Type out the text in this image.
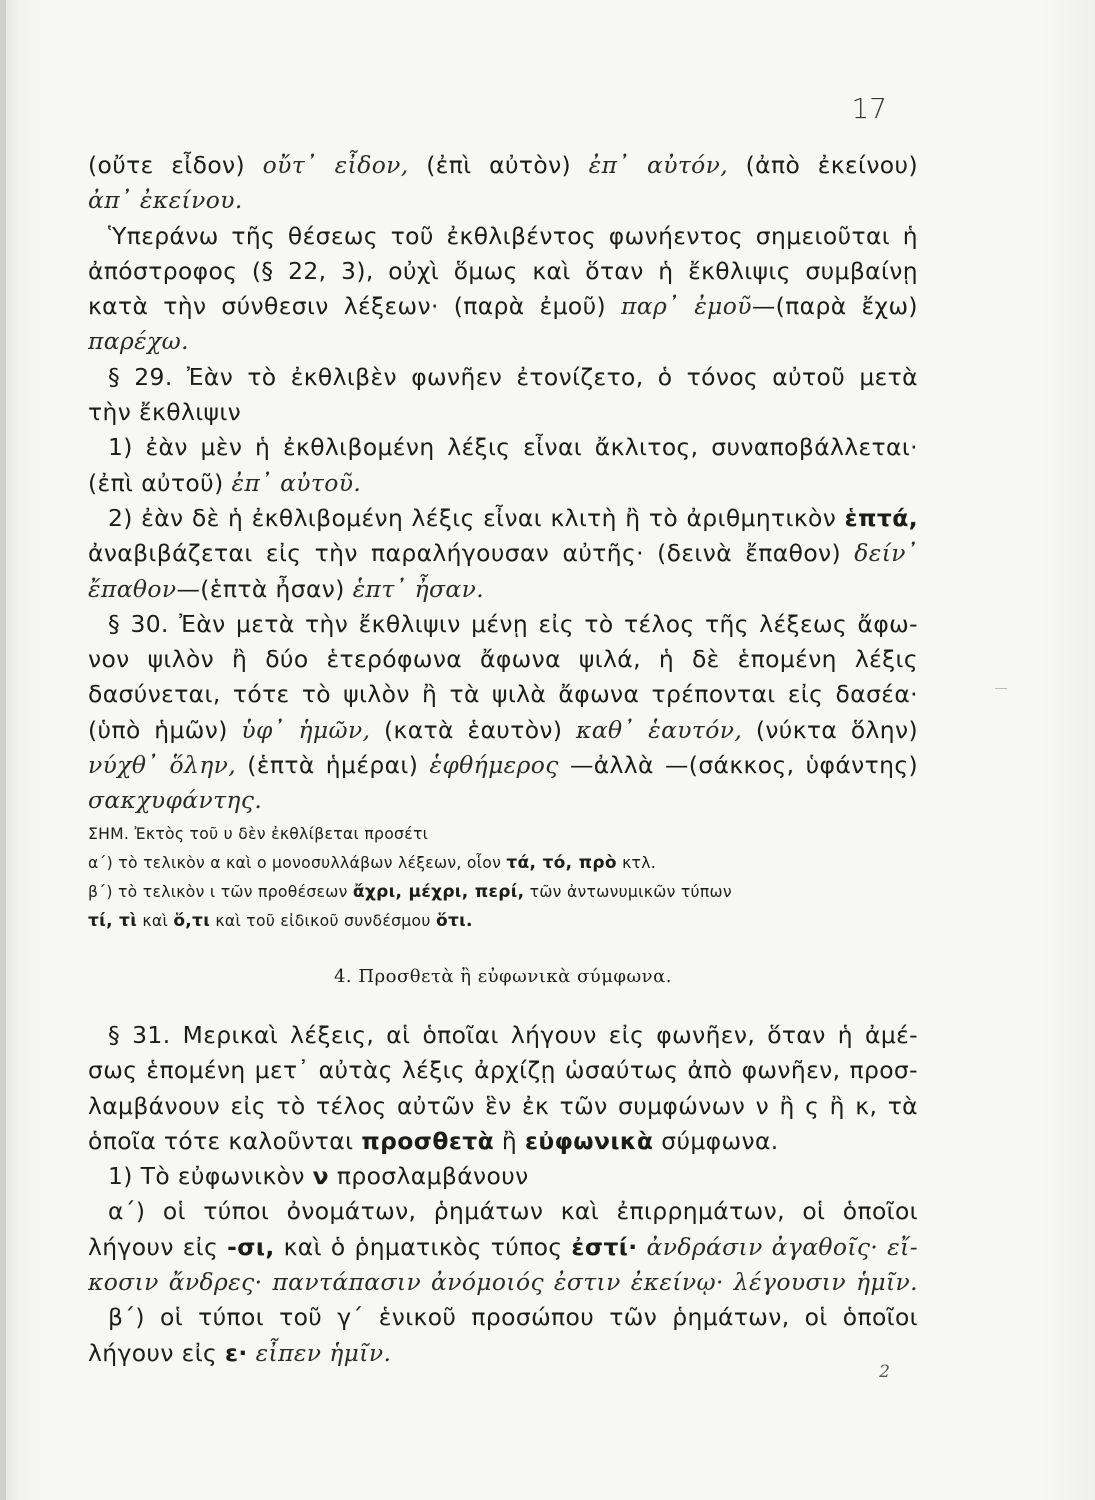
17
(οὔτε εἶδον) οὔτ᾽ εἶδον, (ἐπὶ αὐτὸν) ἐπ᾽ αὐτόν, (ἀπὸ ἐκείνου)
ἀπ᾽ ἐκείνου.
Ὑπεράνω τῆς θέσεως τοῦ ἐκθλιβέντος φωνήεντος σημειοῦται ἡ
ἀπόστροφος (§ 22, 3), οὐχὶ ὅμως καὶ ὅταν ἡ ἔκθλιψις συμβαίνῃ
κατὰ τὴν σύνθεσιν λέξεων· (παρὰ ἐμοῦ) παρ᾽ ἐμοῦ—(παρὰ ἔχω)
παρέχω.
§ 29. Ἐὰν τὸ ἐκθλιβὲν φωνῆεν ἐτονίζετο, ὁ τόνος αὐτοῦ μετὰ
τὴν ἔκθλιψιν
1) ἐὰν μὲν ἡ ἐκθλιβομένη λέξις εἶναι ἄκλιτος, συναποβάλλεται·
(ἐπὶ αὐτοῦ) ἐπ᾽ αὐτοῦ.
2) ἐὰν δὲ ἡ ἐκθλιβομένη λέξις εἶναι κλιτὴ ἢ τὸ ἀριθμητικὸν ἑπτά,
ἀναβιβάζεται εἰς τὴν παραλήγουσαν αὐτῆς· (δεινὰ ἔπαθον) δείν᾽
ἔπαθον—(ἑπτὰ ἦσαν) ἑπτ᾽ ἦσαν.
§ 30. Ἐὰν μετὰ τὴν ἔκθλιψιν μένῃ εἰς τὸ τέλος τῆς λέξεως ἄφω-
νον ψιλὸν ἢ δύο ἑτερόφωνα ἄφωνα ψιλά, ἡ δὲ ἑπομένη λέξις
δασύνεται, τότε τὸ ψιλὸν ἢ τὰ ψιλὰ ἄφωνα τρέπονται εἰς δασέα·
(ὑπὸ ἡμῶν) ὑφ᾽ ἡμῶν, (κατὰ ἑαυτὸν) καθ᾽ ἑαυτόν, (νύκτα ὅλην)
νύχθ᾽ ὅλην, (ἑπτὰ ἡμέραι) ἑφθήμερος —ἀλλὰ —(σάκκος, ὑφάντης)
σακχυφάντης.
ΣΗΜ. Ἐκτὸς τοῦ υ δὲν ἐκθλίβεται προσέτι
α΄) τὸ τελικὸν α καὶ ο μονοσυλλάβων λέξεων, οἷον τά, τό, πρὸ κτλ.
β΄) τὸ τελικὸν ι τῶν προθέσεων ἄχρι, μέχρι, περί, τῶν ἀντωνυμικῶν τύπων
τί, τὶ καὶ ὅ,τι καὶ τοῦ εἰδικοῦ συνδέσμου ὅτι.
4. Προσθετὰ ἢ εὐφωνικὰ σύμφωνα.
§ 31. Μερικαὶ λέξεις, αἱ ὁποῖαι λήγουν εἰς φωνῆεν, ὅταν ἡ ἀμέ-
σως ἑπομένη μετ᾽ αὐτὰς λέξις ἀρχίζῃ ὡσαύτως ἀπὸ φωνῆεν, προσ-
λαμβάνουν εἰς τὸ τέλος αὐτῶν ἓν ἐκ τῶν συμφώνων ν ἢ ς ἢ κ, τὰ
ὁποῖα τότε καλοῦνται προσθετὰ ἢ εὐφωνικὰ σύμφωνα.
1) Τὸ εὐφωνικὸν ν προσλαμβάνουν
α΄) οἱ τύποι ὀνομάτων, ῥημάτων καὶ ἐπιρρημάτων, οἱ ὁποῖοι
λήγουν εἰς -σι, καὶ ὁ ῥηματικὸς τύπος ἐστί· ἀνδράσιν ἀγαθοῖς· εἴ-
κοσιν ἄνδρες· παντάπασιν ἀνόμοιός ἐστιν ἐκείνῳ· λέγουσιν ἡμῖν.
β΄) οἱ τύποι τοῦ γ΄ ἑνικοῦ προσώπου τῶν ῥημάτων, οἱ ὁποῖοι
λήγουν εἰς ε· εἶπεν ἡμῖν.
2
